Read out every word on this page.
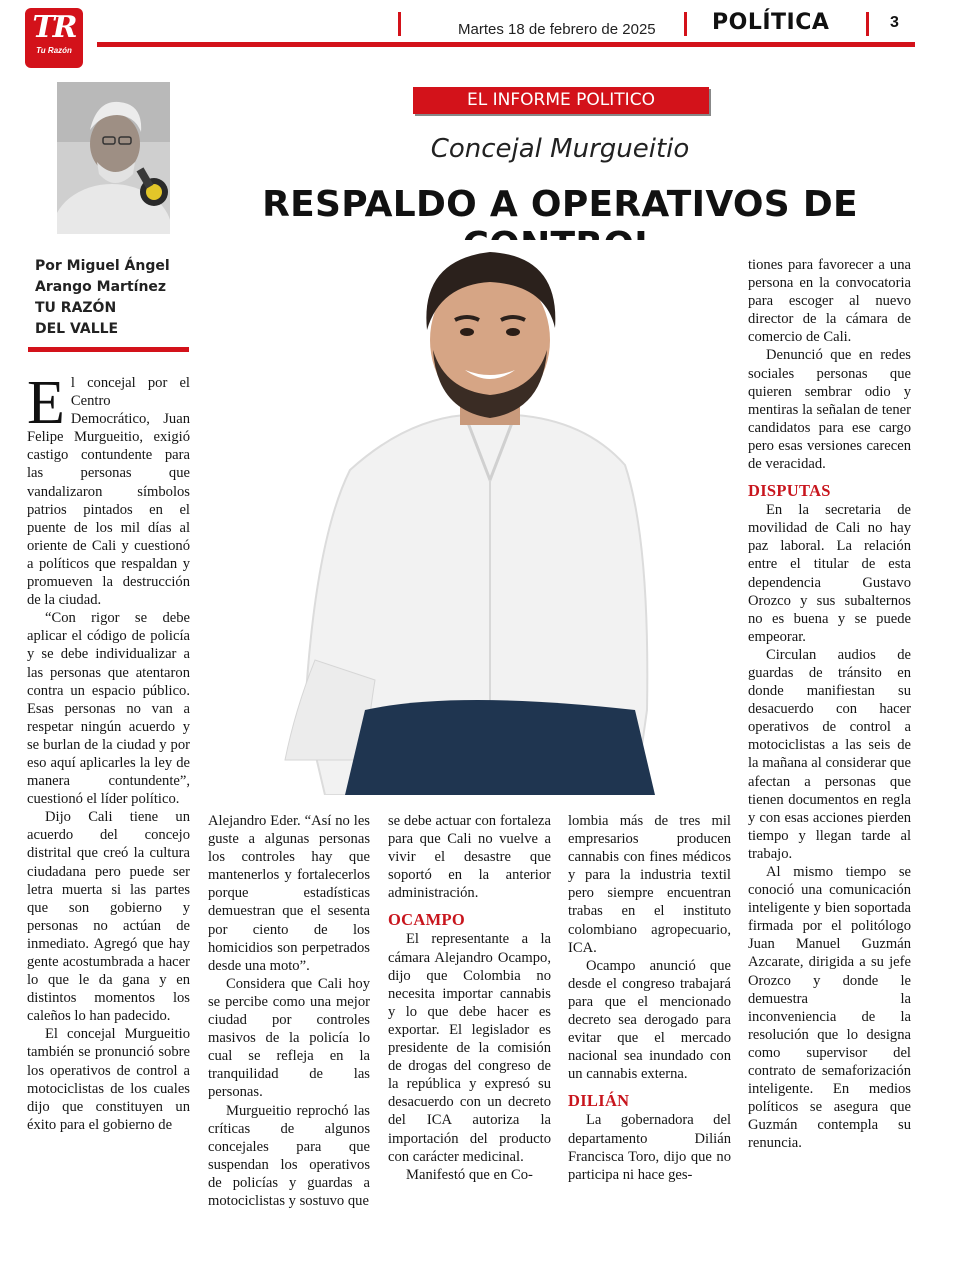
TR
Tu Razón
Martes 18 de febrero de 2025	POLÍTICA	3
Por Miguel Ángel
Arango Martínez
TU RAZÓN
DEL VALLE
EL INFORME POLITICO
Concejal Murgueitio
RESPALDO A OPERATIVOS DE

El concejal por el Centro Democrático, Juan Felipe Murgueitio, exigió castigo contundente para las personas que vandalizaron símbolos patrios pintados en el puente de los mil días al oriente de Cali y cuestionó a políticos que respaldan y promueven la destrucción de la ciudad.

“Con rigor se debe aplicar el código de policía y se debe individualizar a las personas que atentaron contra un espacio público. Esas personas no van a respetar ningún acuerdo y se burlan de la ciudad y por eso aquí aplicarles la ley de manera contundente”, cuestionó el líder político.

Dijo Cali tiene un acuerdo del concejo distrital que creó la cultura ciudadana pero puede ser letra muerta si las partes que son gobierno y personas no actúan de inmediato. Agregó que hay gente acostumbrada a hacer lo que le da gana y en distintos momentos los caleños lo han padecido.

El concejal Murgueitio también se pronunció sobre los operativos de control a motociclistas de los cuales dijo que constituyen un éxito para el gobierno de

Alejandro Eder. “Así no les guste a algunas personas los controles hay que mantenerlos y fortalecerlos porque estadísticas demuestran que el sesenta por ciento de los homicidios son perpetrados desde una moto”.

Considera que Cali hoy se percibe como una mejor ciudad por controles masivos de la policía lo cual se refleja en la tranquilidad de las personas.

Murgueitio reprochó las críticas de algunos concejales para que suspendan los operativos de policías y guardas a motociclistas y sostuvo que

se debe actuar con fortaleza para que Cali no vuelve a vivir el desastre que soportó en la anterior administración.

OCAMPO

El representante a la cámara Alejandro Ocampo, dijo que Colombia no necesita importar cannabis y lo que debe hacer es exportar. El legislador es presidente de la comisión de drogas del congreso de la república y expresó su desacuerdo con un decreto del ICA autoriza la importación del producto con carácter medicinal.

Manifestó que en Co-

lombia más de tres mil empresarios producen cannabis con fines médicos y para la industria textil pero siempre encuentran trabas en el instituto colombiano agropecuario, ICA.

Ocampo anunció que desde el congreso trabajará para que el mencionado decreto sea derogado para evitar que el mercado nacional sea inundado con un cannabis externa.

DILIÁN

La gobernadora del departamento Dilián Francisca Toro, dijo que no participa ni hace ges-

tiones para favorecer a una persona en la convocatoria para escoger al nuevo director de la cámara de comercio de Cali.

Denunció que en redes sociales personas que quieren sembrar odio y mentiras la señalan de tener candidatos para ese cargo pero esas versiones carecen de veracidad.

DISPUTAS

En la secretaria de movilidad de Cali no hay paz laboral. La relación entre el titular de esta dependencia Gustavo Orozco y sus subalternos no es buena y se puede empeorar.

Circulan audios de guardas de tránsito en donde manifiestan su desacuerdo con hacer operativos de control a motociclistas a las seis de la mañana al considerar que afectan a personas que tienen documentos en regla y con esas acciones pierden tiempo y llegan tarde al trabajo.

Al mismo tiempo se conoció una comunicación inteligente y bien soportada firmada por el politólogo Juan Manuel Guzmán Azcarate, dirigida a su jefe Orozco y donde le demuestra la inconveniencia de la resolución que lo designa como supervisor del contrato de semaforización inteligente. En medios políticos se asegura que Guzmán contempla su renuncia.
